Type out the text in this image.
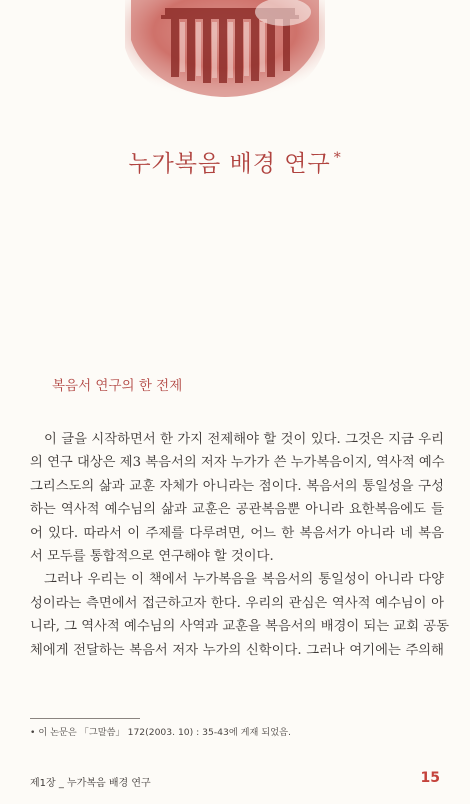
누가복음 배경 연구 *
복음서 연구의 한 전제
이 글을 시작하면서 한 가지 전제해야 할 것이 있다. 그것은 지금 우리
의 연구 대상은 제3 복음서의 저자 누가가 쓴 누가복음이지, 역사적 예수
그리스도의 삶과 교훈 자체가 아니라는 점이다. 복음서의 통일성을 구성
하는 역사적 예수님의 삶과 교훈은 공관복음뿐 아니라 요한복음에도 들
어 있다. 따라서 이 주제를 다루려면, 어느 한 복음서가 아니라 네 복음
서 모두를 통합적으로 연구해야 할 것이다.
그러나 우리는 이 책에서 누가복음을 복음서의 통일성이 아니라 다양
성이라는 측면에서 접근하고자 한다. 우리의 관심은 역사적 예수님이 아
니라, 그 역사적 예수님의 사역과 교훈을 복음서의 배경이 되는 교회 공동
체에게 전달하는 복음서 저자 누가의 신학이다. 그러나 여기에는 주의해
• 이 논문은 「그말씀」 172(2003. 10) : 35-43에 게재 되었음.
제1장 _ 누가복음 배경 연구	15
